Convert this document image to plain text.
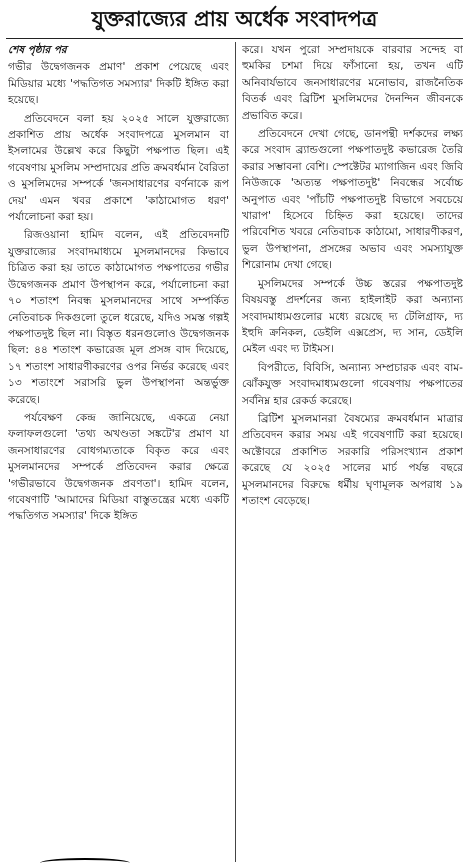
যুক্তরাজ্যের প্রায় অর্ধেক সংবাদপত্র
শেষ পৃষ্ঠার পর

গভীর উদ্বেগজনক প্রমাণ' প্রকাশ পেয়েছে এবং মিডিয়ার মধ্যে 'পদ্ধতিগত সমস্যার' দিকটি ইঙ্গিত করা হয়েছে।

প্রতিবেদনে বলা হয় ২০২৫ সালে যুক্তরাজ্যে প্রকাশিত প্রায় অর্ধেক সংবাদপত্রে মুসলমান বা ইসলামের উল্লেখ করে কিছুটা পক্ষপাত ছিল। এই গবেষণায় মুসলিম সম্প্রদায়ের প্রতি ক্রমবর্ধমান বৈরিতা ও মুসলিমদের সম্পর্কে 'জনসাধারণের বর্ণনাকে রূপ দেয়' এমন খবর প্রকাশে 'কাঠামোগত ধরণ' পর্যালোচনা করা হয়।

রিজওয়ানা হামিদ বলেন, এই প্রতিবেদনটি যুক্তরাজ্যের সংবাদমাধ্যমে মুসলমানদের কিভাবে চিত্রিত করা হয় তাতে কাঠামোগত পক্ষপাতের গভীর উদ্বেগজনক প্রমাণ উপস্থাপন করে, পর্যালোচনা করা ৭০ শতাংশ নিবন্ধ মুসলমানদের সাথে সম্পর্কিত নেতিবাচক দিকগুলো তুলে ধরেছে, যদিও সমস্ত গল্পই পক্ষপাতদুষ্ট ছিল না। বিস্তৃত ধরনগুলোও উদ্বেগজনক ছিল: ৪৪ শতাংশ কভারেজ মূল প্রসঙ্গ বাদ দিয়েছে, ১৭ শতাংশ সাধারণীকরণের ওপর নির্ভর করেছে এবং ১৩ শতাংশে সরাসরি ভুল উপস্থাপনা অন্তর্ভুক্ত করেছে।

পর্যবেক্ষণ কেন্দ্র জানিয়েছে, একত্রে নেয়া ফলাফলগুলো 'তথ্য অখণ্ডতা সঙ্কটে'র প্রমাণ যা জনসাধারণের বোধগম্যতাকে বিকৃত করে এবং মুসলমানদের সম্পর্কে প্রতিবেদন করার ক্ষেত্রে 'গভীরভাবে উদ্বেগজনক প্রবণতা'। হামিদ বলেন, গবেষণাটি 'আমাদের মিডিয়া বাস্তুতন্ত্রের মধ্যে একটি পদ্ধতিগত সমস্যার' দিকে ইঙ্গিত

করে। যখন পুরো সম্প্রদায়কে বারবার সন্দেহ বা হুমকির চশমা দিয়ে ফাঁসানো হয়, তখন এটি অনিবার্যভাবে জনসাধারণের মনোভাব, রাজনৈতিক বিতর্ক এবং ব্রিটিশ মুসলিমদের দৈনন্দিন জীবনকে প্রভাবিত করে।

প্রতিবেদনে দেখা গেছে, ডানপন্থী দর্শকদের লক্ষ্য করে সংবাদ ব্র্যান্ডগুলো পক্ষপাতদুষ্ট কভারেজ তৈরি করার সম্ভাবনা বেশি। স্পেক্টেটর ম্যাগাজিন এবং জিবি নিউজকে 'অত্যন্ত পক্ষপাতদুষ্ট' নিবন্ধের সর্বোচ্চ অনুপাত এবং 'পাঁচটি পক্ষপাতদুষ্ট বিভাগে সবচেয়ে খারাপ' হিসেবে চিহ্নিত করা হয়েছে। তাদের পরিবেশিত খবরে নেতিবাচক কাঠামো, সাধারণীকরণ, ভুল উপস্থাপনা, প্রসঙ্গের অভাব এবং সমস্যাযুক্ত শিরোনাম দেখা গেছে।

মুসলিমদের সম্পর্কে উচ্চ স্তরের পক্ষপাতদুষ্ট বিষয়বস্তু প্রদর্শনের জন্য হাইলাইট করা অন্যান্য সংবাদমাধ্যমগুলোর মধ্যে রয়েছে দ্য টেলিগ্রাফ, দ্য ইহুদি ক্রনিকল, ডেইলি এক্সপ্রেস, দ্য সান, ডেইলি মেইল এবং দ্য টাইমস।

বিপরীতে, বিবিসি, অন্যান্য সম্প্রচারক এবং বাম-ঝোঁকযুক্ত সংবাদমাধ্যমগুলো গবেষণায় পক্ষপাতের সর্বনিম্ন হার রেকর্ড করেছে।

ব্রিটিশ মুসলমানরা বৈষম্যের ক্রমবর্ধমান মাত্রার প্রতিবেদন করার সময় এই গবেষণাটি করা হয়েছে। অক্টোবরে প্রকাশিত সরকারি পরিসংখ্যান প্রকাশ করেছে যে ২০২৫ সালের মার্চ পর্যন্ত বছরে মুসলমানদের বিরুদ্ধে ধর্মীয় ঘৃণামূলক অপরাধ ১৯ শতাংশ বেড়েছে।
